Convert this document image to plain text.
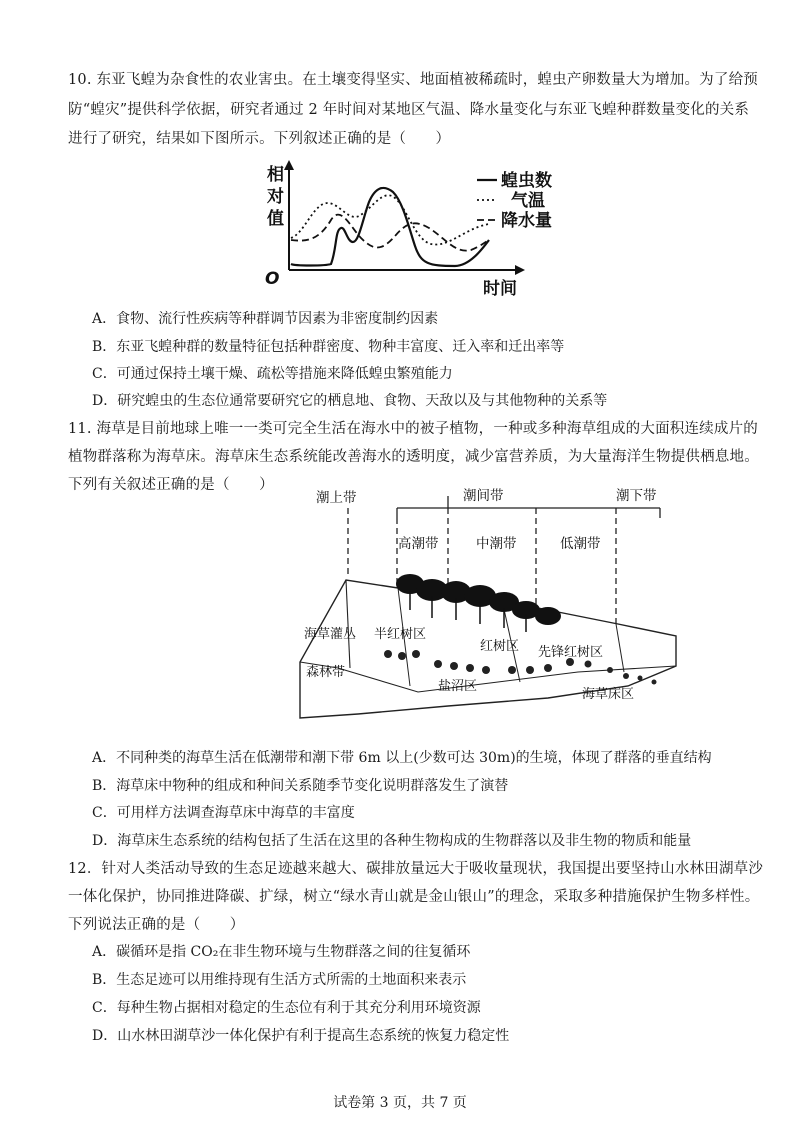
10. 东亚飞蝗为杂食性的农业害虫。在土壤变得坚实、地面植被稀疏时，蝗虫产卵数量大为增加。为了给预
防“蝗灾”提供科学依据，研究者通过 2 年时间对某地区气温、降水量变化与东亚飞蝗种群数量变化的关系
进行了研究，结果如下图所示。下列叙述正确的是（　　）
相
对
值
O	时间
蝗虫数
气温
降水量
A．食物、流行性疾病等种群调节因素为非密度制约因素
B．东亚飞蝗种群的数量特征包括种群密度、物种丰富度、迁入率和迁出率等
C．可通过保持土壤干燥、疏松等措施来降低蝗虫繁殖能力
D．研究蝗虫的生态位通常要研究它的栖息地、食物、天敌以及与其他物种的关系等
11. 海草是目前地球上唯一一类可完全生活在海水中的被子植物，一种或多种海草组成的大面积连续成片的
植物群落称为海草床。海草床生态系统能改善海水的透明度，减少富营养质，为大量海洋生物提供栖息地。
下列有关叙述正确的是（　　）
潮上带	潮间带	潮下带
高潮带	中潮带	低潮带
海草灌丛
森林带
半红树区
红树区 先锋红树区
盐沼区
海草床区
A．不同种类的海草生活在低潮带和潮下带 6m 以上(少数可达 30m)的生境，体现了群落的垂直结构
B．海草床中物种的组成和种间关系随季节变化说明群落发生了演替
C．可用样方法调查海草床中海草的丰富度
D．海草床生态系统的结构包括了生活在这里的各种生物构成的生物群落以及非生物的物质和能量
12．针对人类活动导致的生态足迹越来越大、碳排放量远大于吸收量现状，我国提出要坚持山水林田湖草沙
一体化保护，协同推进降碳、扩绿，树立“绿水青山就是金山银山”的理念，采取多种措施保护生物多样性。
下列说法正确的是（　　）
A．碳循环是指 CO₂在非生物环境与生物群落之间的往复循环
B．生态足迹可以用维持现有生活方式所需的土地面积来表示
C．每种生物占据相对稳定的生态位有利于其充分利用环境资源
D．山水林田湖草沙一体化保护有利于提高生态系统的恢复力稳定性
试卷第 3 页，共 7 页
